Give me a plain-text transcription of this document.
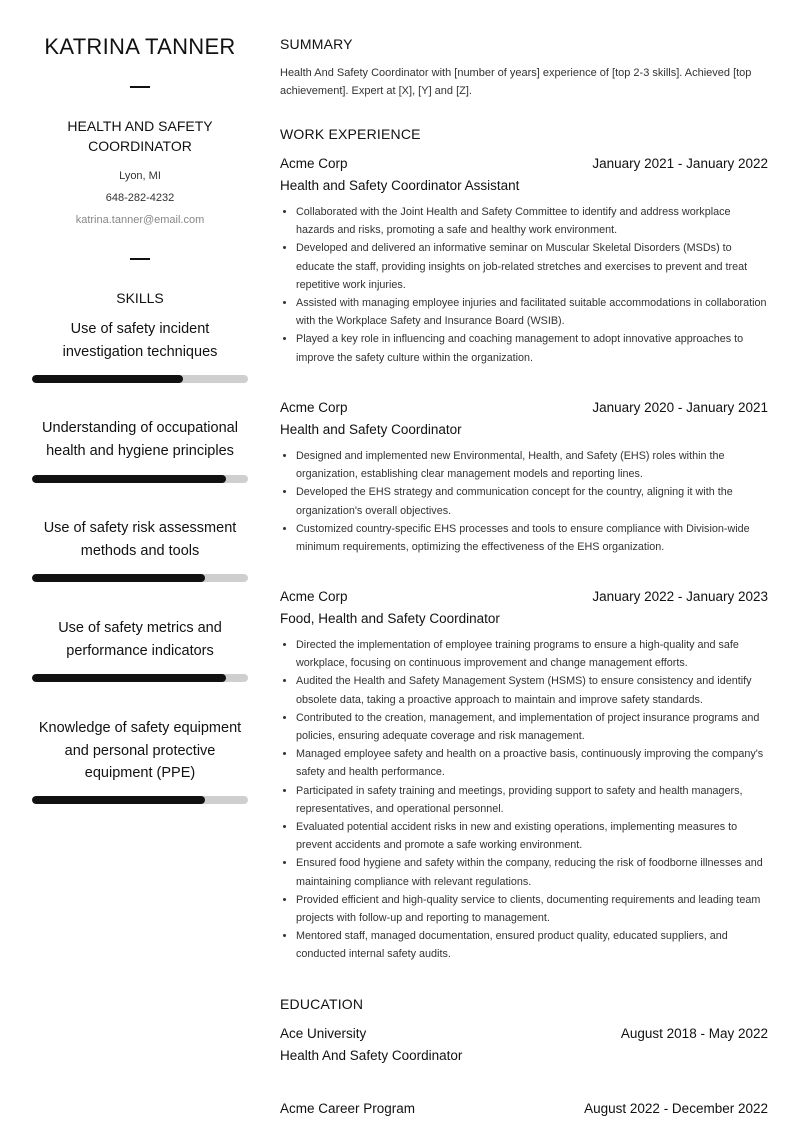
KATRINA TANNER
HEALTH AND SAFETY COORDINATOR
Lyon, MI
648-282-4232
katrina.tanner@email.com
SKILLS
Use of safety incident investigation techniques
Understanding of occupational health and hygiene principles
Use of safety risk assessment methods and tools
Use of safety metrics and performance indicators
Knowledge of safety equipment and personal protective equipment (PPE)
SUMMARY
Health And Safety Coordinator with [number of years] experience of [top 2-3 skills]. Achieved [top achievement]. Expert at [X], [Y] and [Z].
WORK EXPERIENCE
Acme Corp	January 2021 - January 2022
Health and Safety Coordinator Assistant
• Collaborated with the Joint Health and Safety Committee to identify and address workplace hazards and risks, promoting a safe and healthy work environment.
• Developed and delivered an informative seminar on Muscular Skeletal Disorders (MSDs) to educate the staff, providing insights on job-related stretches and exercises to prevent and treat repetitive work injuries.
• Assisted with managing employee injuries and facilitated suitable accommodations in collaboration with the Workplace Safety and Insurance Board (WSIB).
• Played a key role in influencing and coaching management to adopt innovative approaches to improve the safety culture within the organization.
Acme Corp	January 2020 - January 2021
Health and Safety Coordinator
• Designed and implemented new Environmental, Health, and Safety (EHS) roles within the organization, establishing clear management models and reporting lines.
• Developed the EHS strategy and communication concept for the country, aligning it with the organization's overall objectives.
• Customized country-specific EHS processes and tools to ensure compliance with Division-wide minimum requirements, optimizing the effectiveness of the EHS organization.
Acme Corp	January 2022 - January 2023
Food, Health and Safety Coordinator
• Directed the implementation of employee training programs to ensure a high-quality and safe workplace, focusing on continuous improvement and change management efforts.
• Audited the Health and Safety Management System (HSMS) to ensure consistency and identify obsolete data, taking a proactive approach to maintain and improve safety standards.
• Contributed to the creation, management, and implementation of project insurance programs and policies, ensuring adequate coverage and risk management.
• Managed employee safety and health on a proactive basis, continuously improving the company's safety and health performance.
• Participated in safety training and meetings, providing support to safety and health managers, representatives, and operational personnel.
• Evaluated potential accident risks in new and existing operations, implementing measures to prevent accidents and promote a safe working environment.
• Ensured food hygiene and safety within the company, reducing the risk of foodborne illnesses and maintaining compliance with relevant regulations.
• Provided efficient and high-quality service to clients, documenting requirements and leading team projects with follow-up and reporting to management.
• Mentored staff, managed documentation, ensured product quality, educated suppliers, and conducted internal safety audits.
EDUCATION
Ace University	August 2018 - May 2022
Health And Safety Coordinator
Acme Career Program	August 2022 - December 2022
